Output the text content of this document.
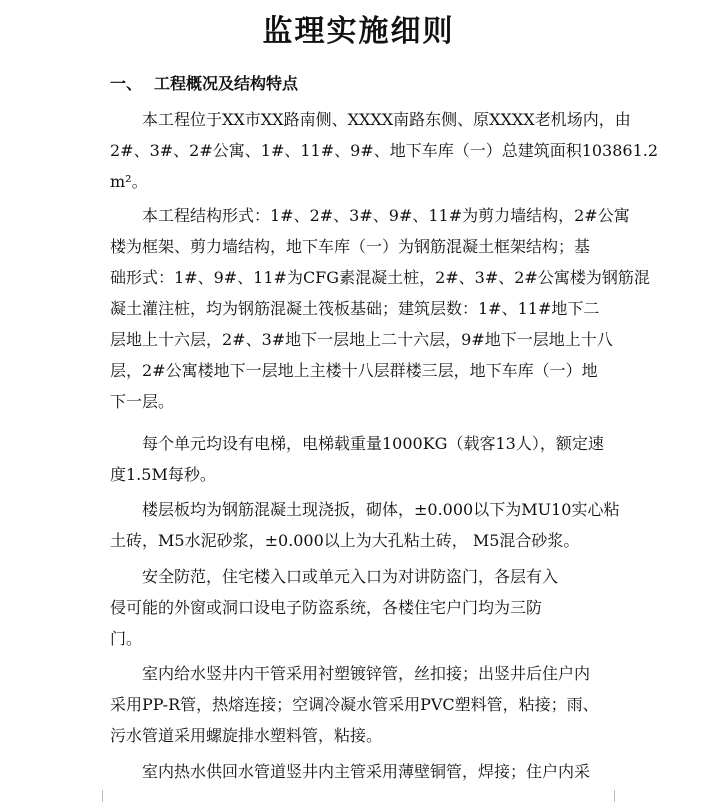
监理实施细则
一、 工程概况及结构特点
本工程位于XX市XX路南侧、XXXX南路东侧、原XXXX老机场内，由
2#、3#、2#公寓、1#、11#、9#、地下车库（一）总建筑面积103861.2
m²。
本工程结构形式：1#、2#、3#、9#、11#为剪力墙结构，2#公寓
楼为框架、剪力墙结构，地下车库（一）为钢筋混凝土框架结构；基
础形式：1#、9#、11#为CFG素混凝土桩，2#、3#、2#公寓楼为钢筋混
凝土灌注桩，均为钢筋混凝土筏板基础；建筑层数：1#、11#地下二
层地上十六层，2#、3#地下一层地上二十六层，9#地下一层地上十八
层，2#公寓楼地下一层地上主楼十八层群楼三层，地下车库（一）地
下一层。
每个单元均设有电梯，电梯载重量1000KG（载客13人），额定速
度1.5M每秒。
楼层板均为钢筋混凝土现浇扳，砌体，±0.000以下为MU10实心粘
土砖，M5水泥砂浆，±0.000以上为大孔粘土砖， M5混合砂浆。
安全防范，住宅楼入口或单元入口为对讲防盗门，各层有入
侵可能的外窗或洞口设电子防盗系统，各楼住宅户门均为三防
门。
室内给水竖井内干管采用衬塑镀锌管，丝扣接；出竖井后住户内
采用PP-R管，热熔连接；空调冷凝水管采用PVC塑料管，粘接；雨、
污水管道采用螺旋排水塑料管，粘接。
室内热水供回水管道竖井内主管采用薄壁铜管，焊接；住户内采
